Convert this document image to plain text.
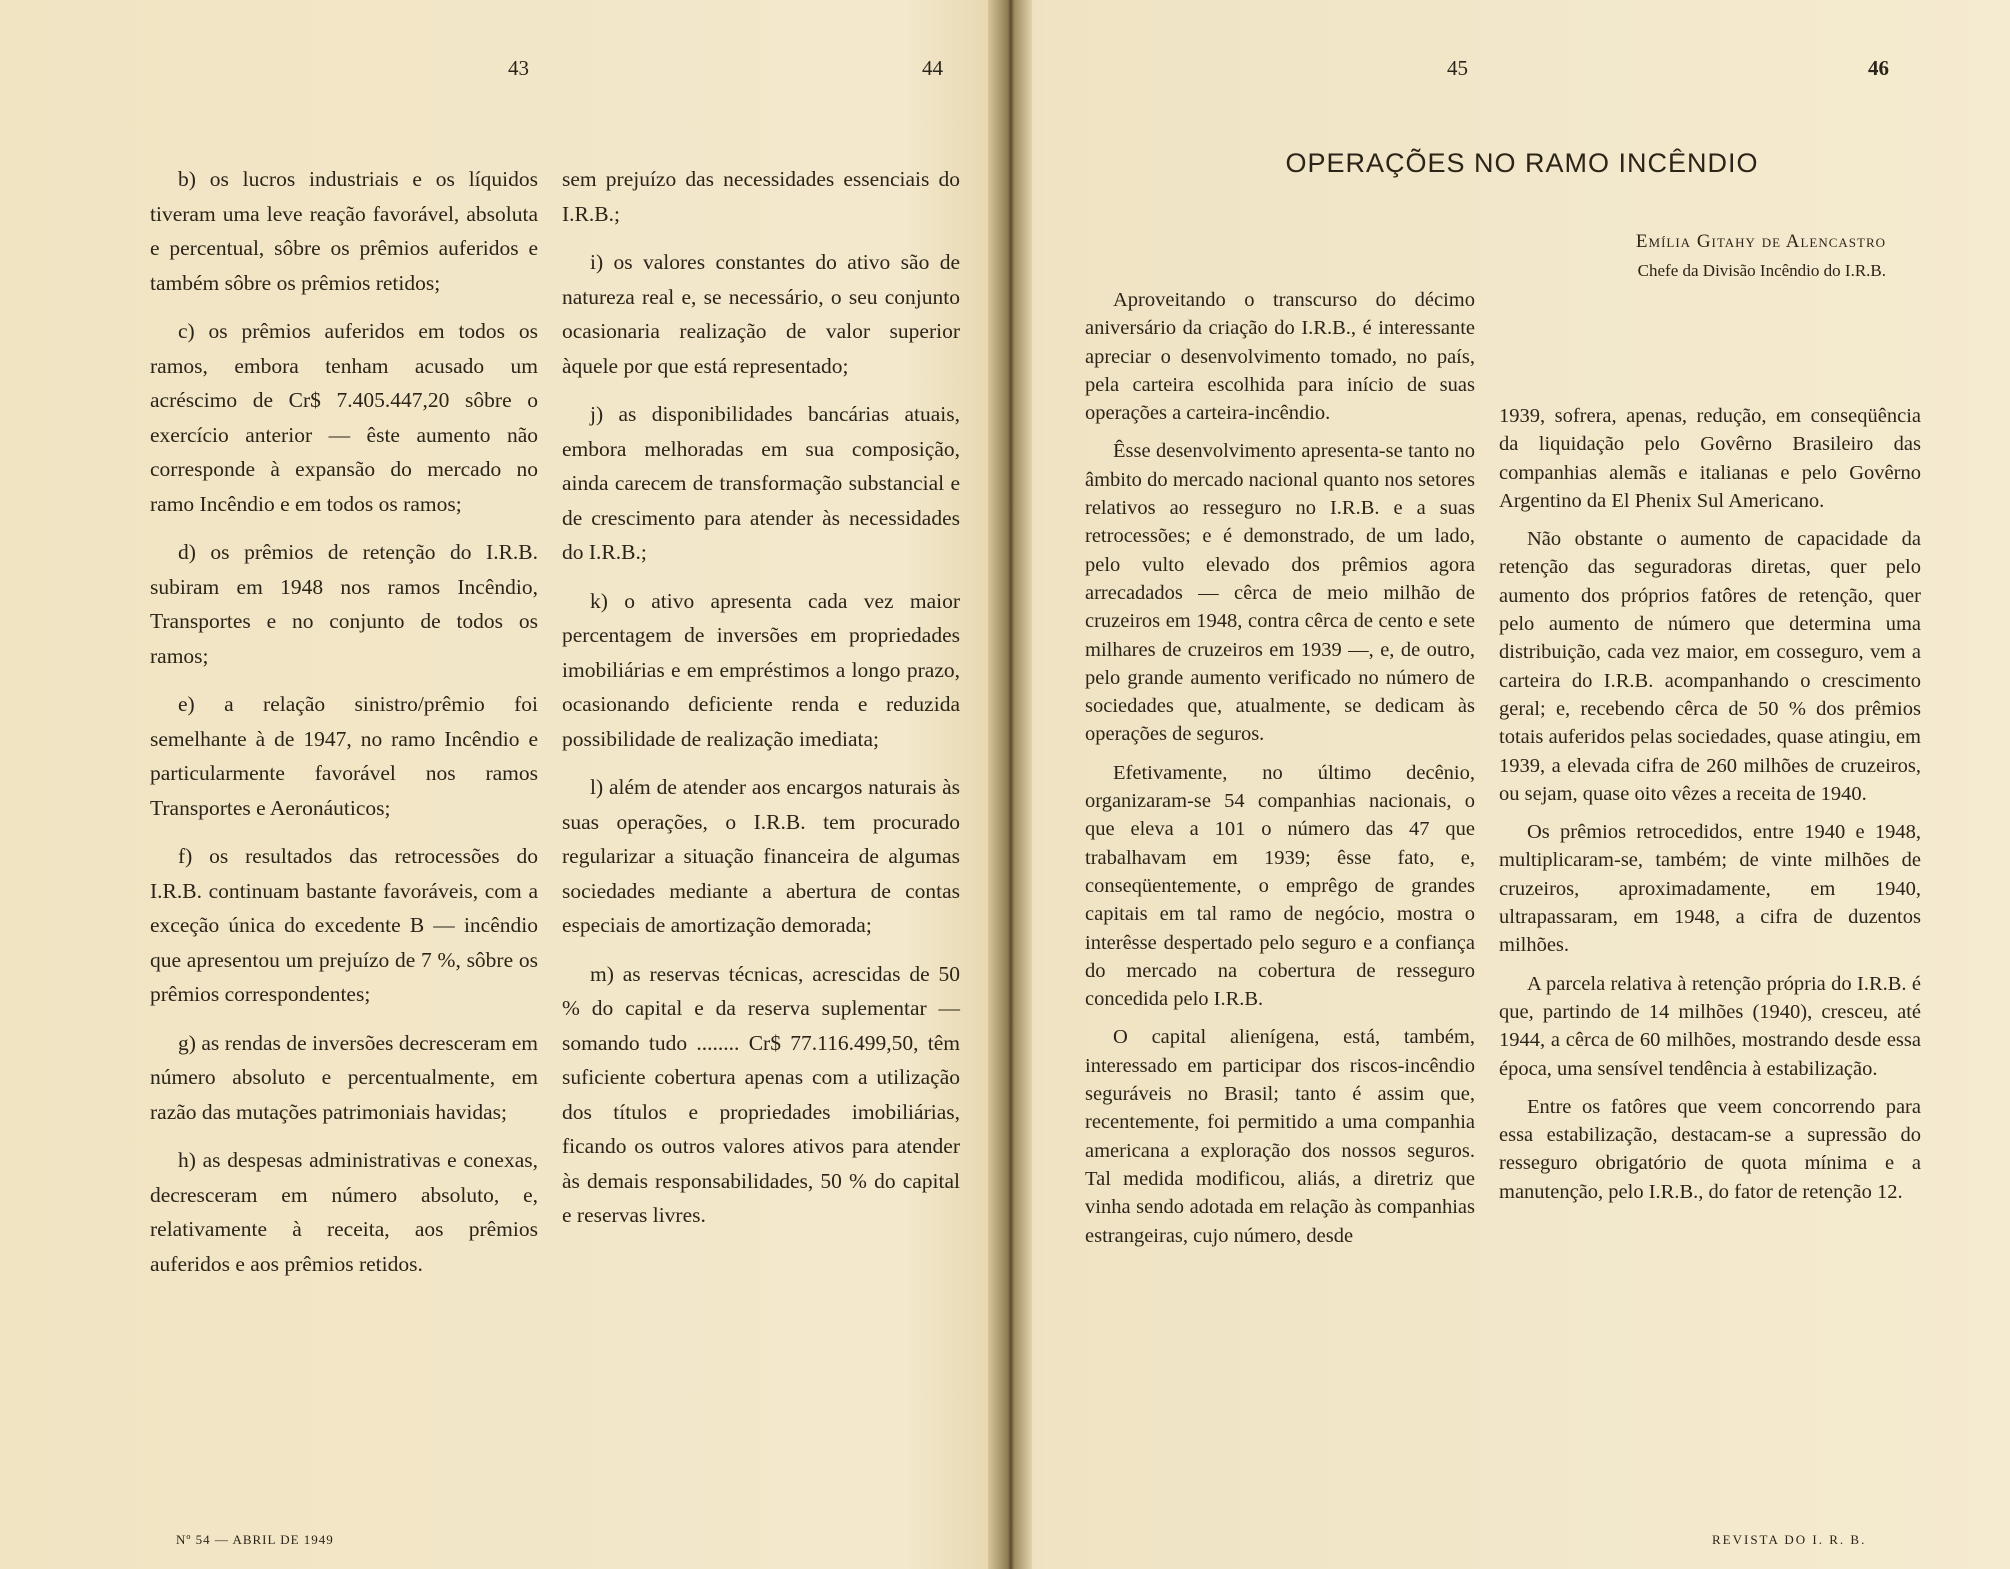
43	44

b) os lucros industriais e os líquidos tiveram uma leve reação favorável, absoluta e percentual, sôbre os prêmios auferidos e também sôbre os prêmios retidos;

c) os prêmios auferidos em todos os ramos, embora tenham acusado um acréscimo de Cr$ 7.405.447,20 sôbre o exercício anterior — êste aumento não corresponde à expansão do mercado no ramo Incêndio e em todos os ramos;

d) os prêmios de retenção do I.R.B. subiram em 1948 nos ramos Incêndio, Transportes e no conjunto de todos os ramos;

e) a relação sinistro/prêmio foi semelhante à de 1947, no ramo Incêndio e particularmente favorável nos ramos Transportes e Aeronáuticos;

f) os resultados das retrocessões do I.R.B. continuam bastante favoráveis, com a exceção única do excedente B — incêndio que apresentou um prejuízo de 7 %, sôbre os prêmios correspondentes;

g) as rendas de inversões decresceram em número absoluto e percentualmente, em razão das mutações patrimoniais havidas;

h) as despesas administrativas e conexas, decresceram em número absoluto, e, relativamente à receita, aos prêmios auferidos e aos prêmios retidos.

sem prejuízo das necessidades essenciais do I.R.B.;

i) os valores constantes do ativo são de natureza real e, se necessário, o seu conjunto ocasionaria realização de valor superior àquele por que está representado;

j) as disponibilidades bancárias atuais, embora melhoradas em sua composição, ainda carecem de transformação substancial e de crescimento para atender às necessidades do I.R.B.;

k) o ativo apresenta cada vez maior percentagem de inversões em propriedades imobiliárias e em empréstimos a longo prazo, ocasionando deficiente renda e reduzida possibilidade de realização imediata;

l) além de atender aos encargos naturais às suas operações, o I.R.B. tem procurado regularizar a situação financeira de algumas sociedades mediante a abertura de contas especiais de amortização demorada;

m) as reservas técnicas, acrescidas de 50 % do capital e da reserva suplementar — somando tudo ........ Cr$ 77.116.499,50, têm suficiente cobertura apenas com a utilização dos títulos e propriedades imobiliárias, ficando os outros valores ativos para atender às demais responsabilidades, 50 % do capital e reservas livres.

Nº 54 — ABRIL DE 1949
45	46
OPERAÇÕES NO RAMO INCÊNDIO
Emília Gitahy de Alencastro
Chefe da Divisão Incêndio do I.R.B.

Aproveitando o transcurso do décimo aniversário da criação do I.R.B., é interessante apreciar o desenvolvimento tomado, no país, pela carteira escolhida para início de suas operações a carteira-incêndio.

Êsse desenvolvimento apresenta-se tanto no âmbito do mercado nacional quanto nos setores relativos ao resseguro no I.R.B. e a suas retrocessões; e é demonstrado, de um lado, pelo vulto elevado dos prêmios agora arrecadados — cêrca de meio milhão de cruzeiros em 1948, contra cêrca de cento e sete milhares de cruzeiros em 1939 —, e, de outro, pelo grande aumento verificado no número de sociedades que, atualmente, se dedicam às operações de seguros.

Efetivamente, no último decênio, organizaram-se 54 companhias nacionais, o que eleva a 101 o número das 47 que trabalhavam em 1939; êsse fato, e, conseqüentemente, o emprêgo de grandes capitais em tal ramo de negócio, mostra o interêsse despertado pelo seguro e a confiança do mercado na cobertura de resseguro concedida pelo I.R.B.

O capital alienígena, está, também, interessado em participar dos riscos-incêndio seguráveis no Brasil; tanto é assim que, recentemente, foi permitido a uma companhia americana a exploração dos nossos seguros. Tal medida modificou, aliás, a diretriz que vinha sendo adotada em relação às companhias estrangeiras, cujo número, desde

1939, sofrera, apenas, redução, em conseqüência da liquidação pelo Govêrno Brasileiro das companhias alemãs e italianas e pelo Govêrno Argentino da El Phenix Sul Americano.

Não obstante o aumento de capacidade da retenção das seguradoras diretas, quer pelo aumento dos próprios fatôres de retenção, quer pelo aumento de número que determina uma distribuição, cada vez maior, em cosseguro, vem a carteira do I.R.B. acompanhando o crescimento geral; e, recebendo cêrca de 50 % dos prêmios totais auferidos pelas sociedades, quase atingiu, em 1939, a elevada cifra de 260 milhões de cruzeiros, ou sejam, quase oito vêzes a receita de 1940.

Os prêmios retrocedidos, entre 1940 e 1948, multiplicaram-se, também; de vinte milhões de cruzeiros, aproximadamente, em 1940, ultrapassaram, em 1948, a cifra de duzentos milhões.

A parcela relativa à retenção própria do I.R.B. é que, partindo de 14 milhões (1940), cresceu, até 1944, a cêrca de 60 milhões, mostrando desde essa época, uma sensível tendência à estabilização.

Entre os fatôres que veem concorrendo para essa estabilização, destacam-se a supressão do resseguro obrigatório de quota mínima e a manutenção, pelo I.R.B., do fator de retenção 12.

REVISTA DO I. R. B.
